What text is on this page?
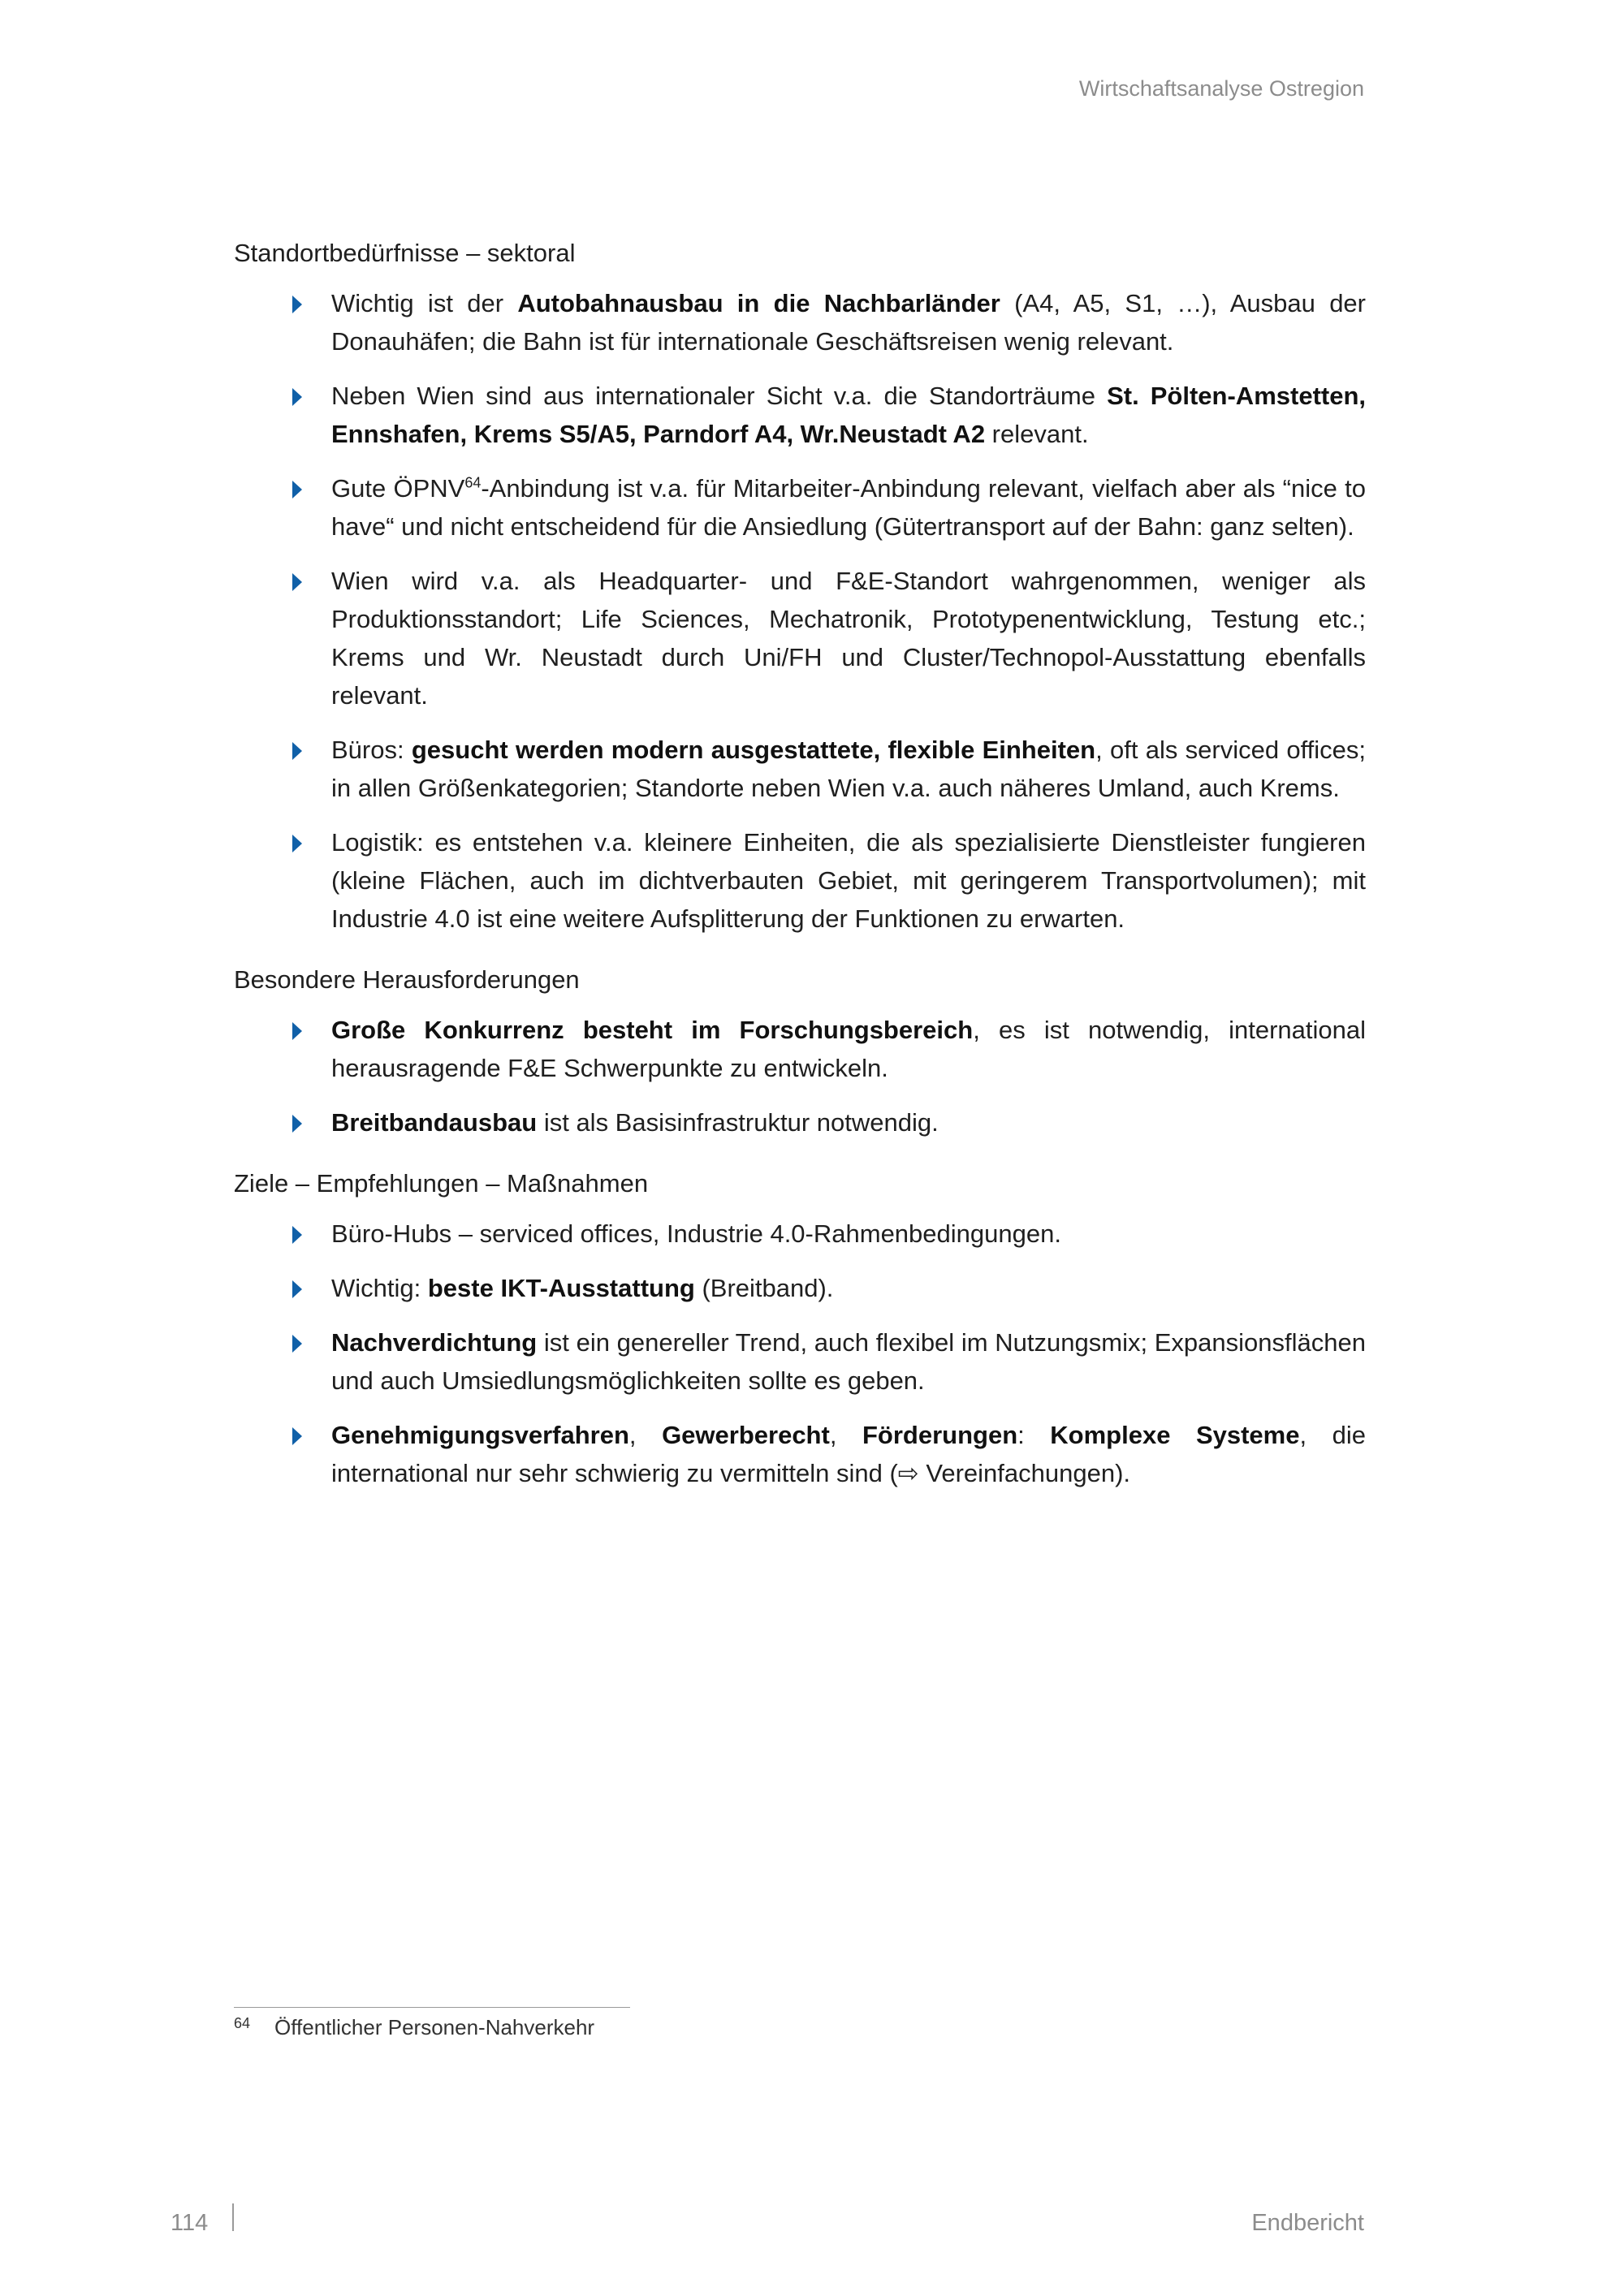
Wirtschaftsanalyse Ostregion
Standortbedürfnisse – sektoral
Wichtig ist der Autobahnausbau in die Nachbarländer (A4, A5, S1, …), Ausbau der Donauhäfen; die Bahn ist für internationale Geschäftsreisen wenig relevant.
Neben Wien sind aus internationaler Sicht v.a. die Standorträume St. Pölten-Amstetten, Ennshafen, Krems S5/A5, Parndorf A4, Wr.Neustadt A2 relevant.
Gute ÖPNV$^{64}$-Anbindung ist v.a. für Mitarbeiter-Anbindung relevant, vielfach aber als “nice to have“ und nicht entscheidend für die Ansiedlung (Gütertransport auf der Bahn: ganz selten).
Wien wird v.a. als Headquarter- und F&E-Standort wahrgenommen, weniger als Produktionsstandort; Life Sciences, Mechatronik, Prototypenentwicklung, Testung etc.; Krems und Wr. Neustadt durch Uni/FH und Cluster/Technopol-Ausstattung ebenfalls relevant.
Büros: gesucht werden modern ausgestattete, flexible Einheiten, oft als serviced offices; in allen Größenkategorien; Standorte neben Wien v.a. auch näheres Umland, auch Krems.
Logistik: es entstehen v.a. kleinere Einheiten, die als spezialisierte Dienstleister fungieren (kleine Flächen, auch im dichtverbauten Gebiet, mit geringerem Transportvolumen); mit Industrie 4.0 ist eine weitere Aufsplitterung der Funktionen zu erwarten.
Besondere Herausforderungen
Große Konkurrenz besteht im Forschungsbereich, es ist notwendig, international herausragende F&E Schwerpunkte zu entwickeln.
Breitbandausbau ist als Basisinfrastruktur notwendig.
Ziele – Empfehlungen – Maßnahmen
Büro-Hubs – serviced offices, Industrie 4.0-Rahmenbedingungen.
Wichtig: beste IKT-Ausstattung (Breitband).
Nachverdichtung ist ein genereller Trend, auch flexibel im Nutzungsmix; Expansionsflächen und auch Umsiedlungsmöglichkeiten sollte es geben.
Genehmigungsverfahren, Gewerberecht, Förderungen: Komplexe Systeme, die international nur sehr schwierig zu vermitteln sind (⇨ Vereinfachungen).
$^{64}$ Öffentlicher Personen-Nahverkehr
114	Endbericht
